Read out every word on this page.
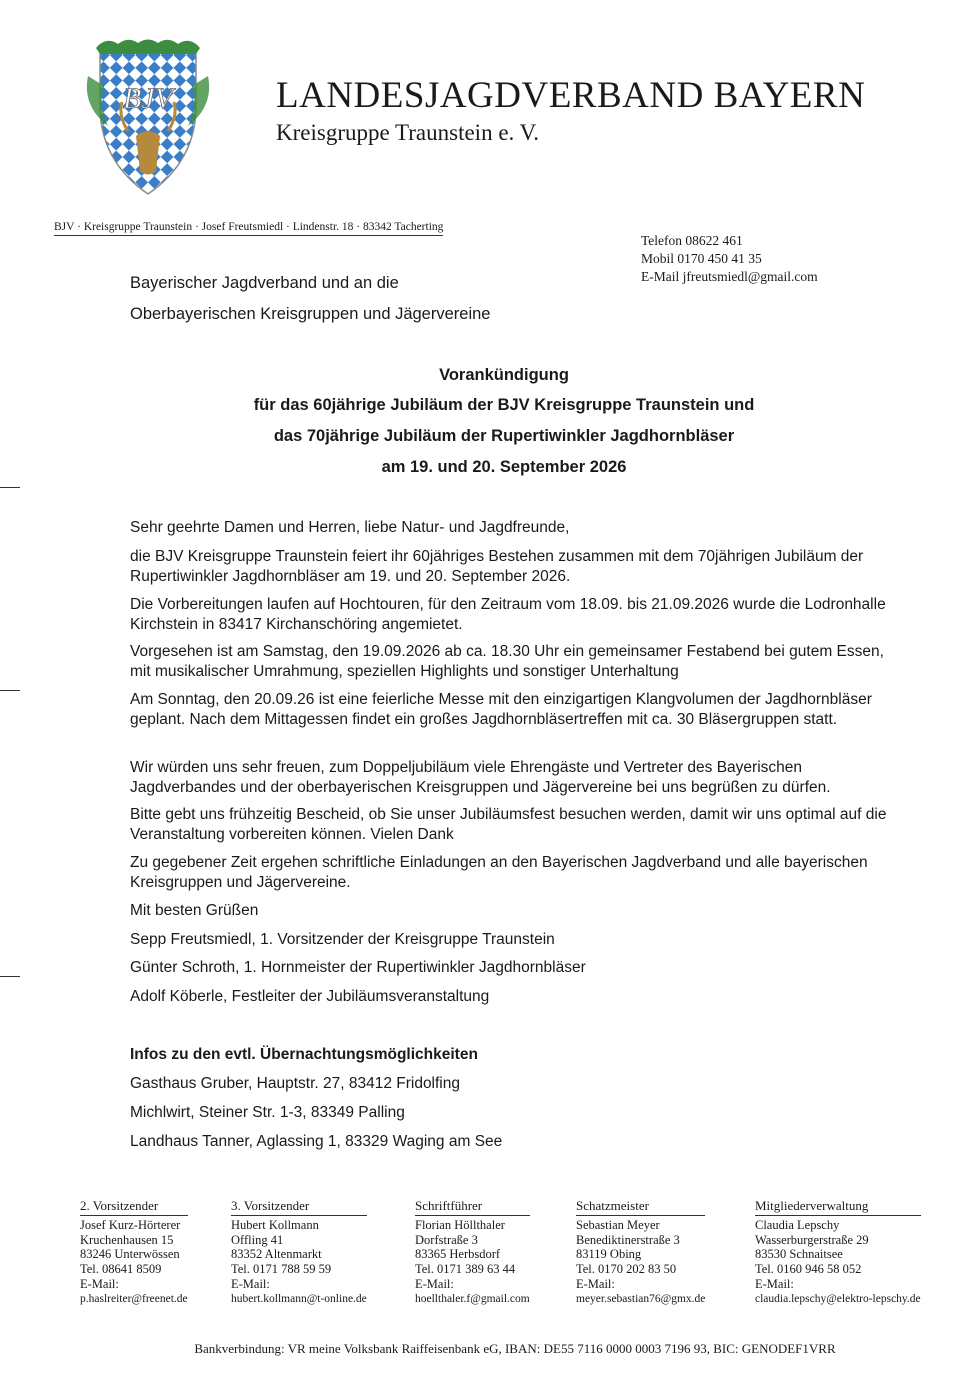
BJV	LANDESJAGDVERBAND BAYERN
Kreisgruppe Traunstein e. V.
BJV · Kreisgruppe Traunstein · Josef Freutsmiedl · Lindenstr. 18 · 83342 Tacherting
Telefon 08622 461
Mobil 0170 450 41 35
E-Mail jfreutsmiedl@gmail.com
Bayerischer Jagdverband und an die
Oberbayerischen Kreisgruppen und Jägervereine
Vorankündigung
für das 60jährige Jubiläum der BJV Kreisgruppe Traunstein und
das 70jährige Jubiläum der Rupertiwinkler Jagdhornbläser
am 19. und 20. September 2026
Sehr geehrte Damen und Herren, liebe Natur- und Jagdfreunde,
die BJV Kreisgruppe Traunstein feiert ihr 60jähriges Bestehen zusammen mit dem 70jährigen Jubiläum der Rupertiwinkler Jagdhornbläser am 19. und 20. September 2026.
Die Vorbereitungen laufen auf Hochtouren, für den Zeitraum vom 18.09. bis 21.09.2026 wurde die Lodronhalle Kirchstein in 83417 Kirchanschöring angemietet.
Vorgesehen ist am Samstag, den 19.09.2026 ab ca. 18.30 Uhr ein gemeinsamer Festabend bei gutem Essen, mit musikalischer Umrahmung, speziellen Highlights und sonstiger Unterhaltung
Am Sonntag, den 20.09.26 ist eine feierliche Messe mit den einzigartigen Klangvolumen der Jagdhornbläser geplant. Nach dem Mittagessen findet ein großes Jagdhornbläsertreffen mit ca. 30 Bläsergruppen statt.
Wir würden uns sehr freuen, zum Doppeljubiläum viele Ehrengäste und Vertreter des Bayerischen Jagdverbandes und der oberbayerischen Kreisgruppen und Jägervereine bei uns begrüßen zu dürfen.
Bitte gebt uns frühzeitig Bescheid, ob Sie unser Jubiläumsfest besuchen werden, damit wir uns optimal auf die Veranstaltung vorbereiten können. Vielen Dank
Zu gegebener Zeit ergehen schriftliche Einladungen an den Bayerischen Jagdverband und alle bayerischen Kreisgruppen und Jägervereine.
Mit besten Grüßen
Sepp Freutsmiedl, 1. Vorsitzender der Kreisgruppe Traunstein
Günter Schroth, 1. Hornmeister der Rupertiwinkler Jagdhornbläser
Adolf Köberle, Festleiter der Jubiläumsveranstaltung
Infos zu den evtl. Übernachtungsmöglichkeiten
Gasthaus Gruber, Hauptstr. 27, 83412 Fridolfing
Michlwirt, Steiner Str. 1-3, 83349 Palling
Landhaus Tanner, Aglassing 1, 83329 Waging am See
2. Vorsitzender
Josef Kurz-Hörterer
Kruchenhausen 15
83246 Unterwössen
Tel. 08641 8509
E-Mail:
p.haslreiter@freenet.de
3. Vorsitzender
Hubert Kollmann
Offling 41
83352 Altenmarkt
Tel. 0171 788 59 59
E-Mail:
hubert.kollmann@t-online.de
Schriftführer
Florian Höllthaler
Dorfstraße 3
83365 Herbsdorf
Tel. 0171 389 63 44
E-Mail:
hoellthaler.f@gmail.com
Schatzmeister
Sebastian Meyer
Benediktinerstraße 3
83119 Obing
Tel. 0170 202 83 50
E-Mail:
meyer.sebastian76@gmx.de
Mitgliederverwaltung
Claudia Lepschy
Wasserburgerstraße 29
83530 Schnaitsee
Tel. 0160 946 58 052
E-Mail:
claudia.lepschy@elektro-lepschy.de
Bankverbindung: VR meine Volksbank Raiffeisenbank eG, IBAN: DE55 7116 0000 0003 7196 93, BIC: GENODEF1VRR
